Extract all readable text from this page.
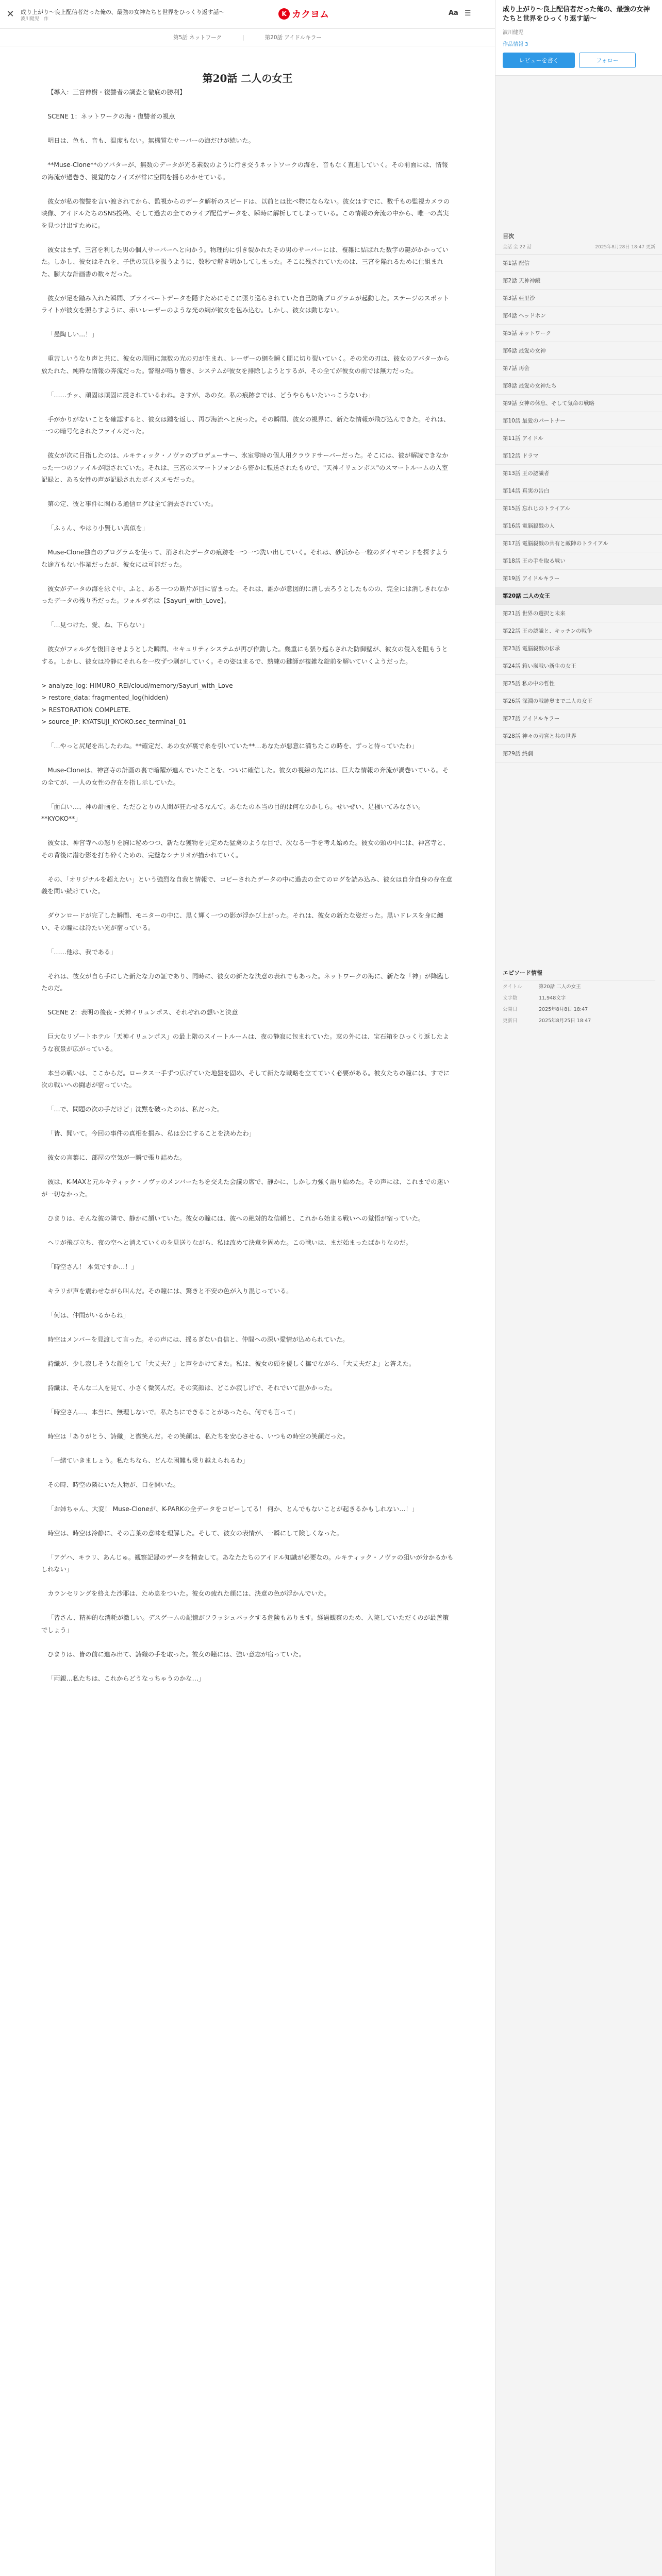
✕	成り上がり〜良上配信者だった俺の、最強の女神たちと世界をひっくり返す話〜
波川健児　作
K カクヨム	Aa ☰
第5話 ネットワーク	|	第20話 アイドルキラー
第20話 二人の女王

【導入：三宮伸樹・復讐者の調査と徹底の勝利】

SCENE 1：ネットワークの海・復讐者の視点

明日は、色も、音も、温度もない。無機質なサーバーの海だけが続いた。

**Muse-Clone**のアバターが、無数のデータが光る素数のように行き交うネットワークの海を、音もなく直進していく。その前面には、情報の海流が過巻き、視覚的なノイズが常に空間を揺らめかせている。

彼女が私の復讐を言い渡されてから、監視からのデータ解析のスピードは、以前とは比べ物にならない。彼女はすでに、数千もの監視カメラの映像、アイドルたちのSNS投稿、そして過去の全てのライブ配信データを、瞬時に解析してしまっている。この情報の奔流の中から、唯一の真実を見つけ出すために。

彼女はまず、三宮を利した男の個人サーバーへと向かう。物理的に引き裂かれたその男のサーバーには、複雑に結ばれた数字の鍵がかかっていた。しかし、彼女はそれを、子供の玩具を扱うように、数秒で解き明かしてしまった。そこに残されていたのは、三宮を陥れるために仕組まれた、膨大な計画書の数々だった。

彼女が足を踏み入れた瞬間、プライベートデータを隠すためにそこに張り巡らされていた自己防衛プログラムが起動した。ステージのスポットライトが彼女を照らすように、赤いレーザーのような光の網が彼女を包み込む。しかし、彼女は動じない。

「愚陶しい…！」

重苦しいうなり声と共に、彼女の周囲に無数の光の刃が生まれ、レーザーの網を瞬く間に切り裂いていく。その光の刃は、彼女のアバターから放たれた、純粋な情報の奔流だった。警報が鳴り響き、システムが彼女を排除しようとするが、その全てが彼女の前では無力だった。

「……チッ、頑固は頑固に浸されているわね。さすが、あの女。私の痕跡までは、どうやらもいたいっこうないわ」

手がかりがないことを確認すると、彼女は踵を返し、再び海流へと戻った。その瞬間、彼女の視界に、新たな情報が飛び込んできた。それは、一つの暗号化されたファイルだった。

彼女が次に目指したのは、ルキティック・ノヴァのプロデューサー、氷室零時の個人用クラウドサーバーだった。そこには、彼が解読できなかった一つのファイルが隠されていた。それは、三宮のスマートフォンから密かに転送されたもので、"天神イリュンポス"のスマートルームの入室記録と、ある女性の声が記録されたボイスメモだった。

第の定、彼と事件に関わる通信ログは全て消去されていた。

「ふぅん、やはり小賢しい真似を」

Muse-Clone独自のプログラムを使って、消されたデータの痕跡を一つ一つ洗い出していく。それは、砂浜から一粒のダイヤモンドを探すような途方もない作業だったが、彼女には可能だった。

彼女がデータの海を泳ぐ中、ふと、ある一つの断片が目に留まった。それは、誰かが意図的に消し去ろうとしたものの、完全には消しきれなかったデータの残り香だった。フォルダ名は【Sayuri_with_Love】。

「…見つけた、愛、ね、下らない」

彼女がフォルダを復旧させようとした瞬間、セキュリティシステムが再び作動した。幾重にも張り巡らされた防御壁が、彼女の侵入を阻もうとする。しかし、彼女は冷静にそれらを一枚ずつ剥がしていく。その姿はまるで、熟練の鍵師が複雑な錠前を解いていくようだった。

> analyze_log: HIMURO_REI/cloud/memory/Sayuri_with_Love
> restore_data: fragmented_log(hidden)
> RESTORATION COMPLETE.
> source_IP: KYATSUJI_KYOKO.sec_terminal_01

「…やっと尻尾を出したわね。**確定だ、あの女が裏で糸を引いていた**…あなたが悪意に満ちたこの時を、ずっと待っていたわ」

Muse-Cloneは、神宮寺の計画の裏で暗躍が進んでいたことを、ついに確信した。彼女の視線の先には、巨大な情報の奔流が渦巻いている。その全てが、一人の女性の存在を指し示していた。

「面白い…、神の計画を、ただひとりの人間が狂わせるなんて。あなたの本当の目的は何なのかしら。せいぜい、足掻いてみなさい。**KYOKO**」

彼女は、神宮寺への怒りを胸に秘めつつ、新たな獲物を見定めた猛禽のような目で、次なる一手を考え始めた。彼女の頭の中には、神宮寺と、その背後に潜む影を打ち砕くための、完璧なシナリオが描かれていく。

その、「オリジナルを超えたい」という強烈な自我と情報で、コピーされたデータの中に過去の全てのログを読み込み、彼女は自分自身の存在意義を問い続けていた。

ダウンロードが完了した瞬間、モニターの中に、黒く輝く一つの影が浮かび上がった。それは、彼女の新たな姿だった。黒いドレスを身に纏い、その瞳には冷たい光が宿っている。

「……他は、我である」

それは、彼女が自ら手にした新たな力の証であり、同時に、彼女の新たな決意の表れでもあった。ネットワークの海に、新たな「神」が降臨したのだ。

SCENE 2：表明の後夜 - 天神イリュンポス、それぞれの想いと決意

巨大なリゾートホテル「天神イリュンポス」の最上階のスイートルームは、夜の静寂に包まれていた。窓の外には、宝石箱をひっくり返したような夜景が広がっている。

本当の戦いは、ここからだ。ロータス一手ずつ広げていた地盤を固め、そして新たな戦略を立てていく必要がある。彼女たちの瞳には、すでに次の戦いへの闘志が宿っていた。

「…で、問題の次の手だけど」沈黙を破ったのは、私だった。

「皆、聞いて。今回の事件の真相を掴み、私は公にすることを決めたわ」

彼女の言葉に、部屋の空気が一瞬で張り詰めた。

彼は、K-MAXと元ルキティック・ノヴァのメンバーたちを交えた会議の席で、静かに、しかし力強く語り始めた。その声には、これまでの迷いが一切なかった。

ひまりは、そんな彼の隣で、静かに頷いていた。彼女の瞳には、彼への絶対的な信頼と、これから始まる戦いへの覚悟が宿っていた。

ヘリが飛び立ち、夜の空へと消えていくのを見送りながら、私は改めて決意を固めた。この戦いは、まだ始まったばかりなのだ。

「時空さん！ 本気ですか…！」

キラリが声を震わせながら叫んだ。その瞳には、驚きと不安の色が入り混じっている。

「何は、仲間がいるからね」

時空はメンバーを見渡して言った。その声には、揺るぎない自信と、仲間への深い愛情が込められていた。

詩織が、少し寂しそうな顔をして「大丈夫？」と声をかけてきた。私は、彼女の頭を優しく撫でながら、「大丈夫だよ」と答えた。

詩織は、そんな二人を見て、小さく微笑んだ。その笑顔は、どこか寂しげで、それでいて温かかった。

「時空さん…、本当に、無理しないで。私たちにできることがあったら、何でも言って」

時空は「ありがとう、詩織」と微笑んだ。その笑顔は、私たちを安心させる、いつもの時空の笑顔だった。

「一緒ていきましょう。私たちなら、どんな困難も乗り越えられるわ」

その時、時空の隣にいた人物が、口を開いた。

「お姉ちゃん、大変！ Muse-Cloneが、K-PARKの全データをコピーしてる！ 何か、とんでもないことが起きるかもしれない…！」

時空は、時空は冷静に、その言葉の意味を理解した。そして、彼女の表情が、一瞬にして険しくなった。

「アゲハ、キラリ、あんじゅ。観察記録のデータを精査して。あなたたちのアイドル知識が必要なの。ルキティック・ノヴァの狙いが分かるかもしれない」

カランセリングを終えた沙耶は、ため息をついた。彼女の疲れた顔には、決意の色が浮かんでいた。

「皆さん、精神的な消耗が激しい。デスゲームの記憶がフラッシュバックする危険もあります。経過観察のため、入院していただくのが最善策でしょう」

ひまりは、皆の前に進み出て、詩織の手を取った。彼女の瞳には、強い意志が宿っていた。

「両親…私たちは、これからどうなっちゃうのかな…」

成り上がり〜良上配信者だった俺の、最強の女神たちと世界をひっくり返す話〜
波川健児
作品情報 3
レビューを書く	フォロー
目次
全話 全 22 話	2025年8月28日 18:47 更新
第1話 配信
第2話 天神神鏡
第3話 亜里沙
第4話 ヘッドホン
第5話 ネットワーク
第6話 最愛の女神
第7話 再会
第8話 最愛の女神たち
第9話 女神の休息、そして気命の戦略
第10話 最愛のパートナー
第11話 アイドル
第12話 ドラマ
第13話 王の認識者
第14話 真実の告白
第15話 忘れじのトライアル
第16話 電脳殺戮の人
第17話 電脳殺戮の共有と敵陣のトライアル
第18話 王の手を取る戦い
第19話 アイドルキラー
第20話 二人の女王
第21話 世界の選択と未来
第22話 王の認識と、キッチンの戦争
第23話 電脳殺戮の伝承
第24話 箱い嵐戦い新生の女王
第25話 私の中の哲性
第26話 深淵の戦跡奥まで二人の女王
第27話 アイドルキラー
第28話 神々の刃宮と共の世界
第29話 終劇
エピソード情報
タイトル	第20話 二人の女王
文字数	11,948文字
公開日	2025年8月8日 18:47
更新日	2025年8月25日 18:47
